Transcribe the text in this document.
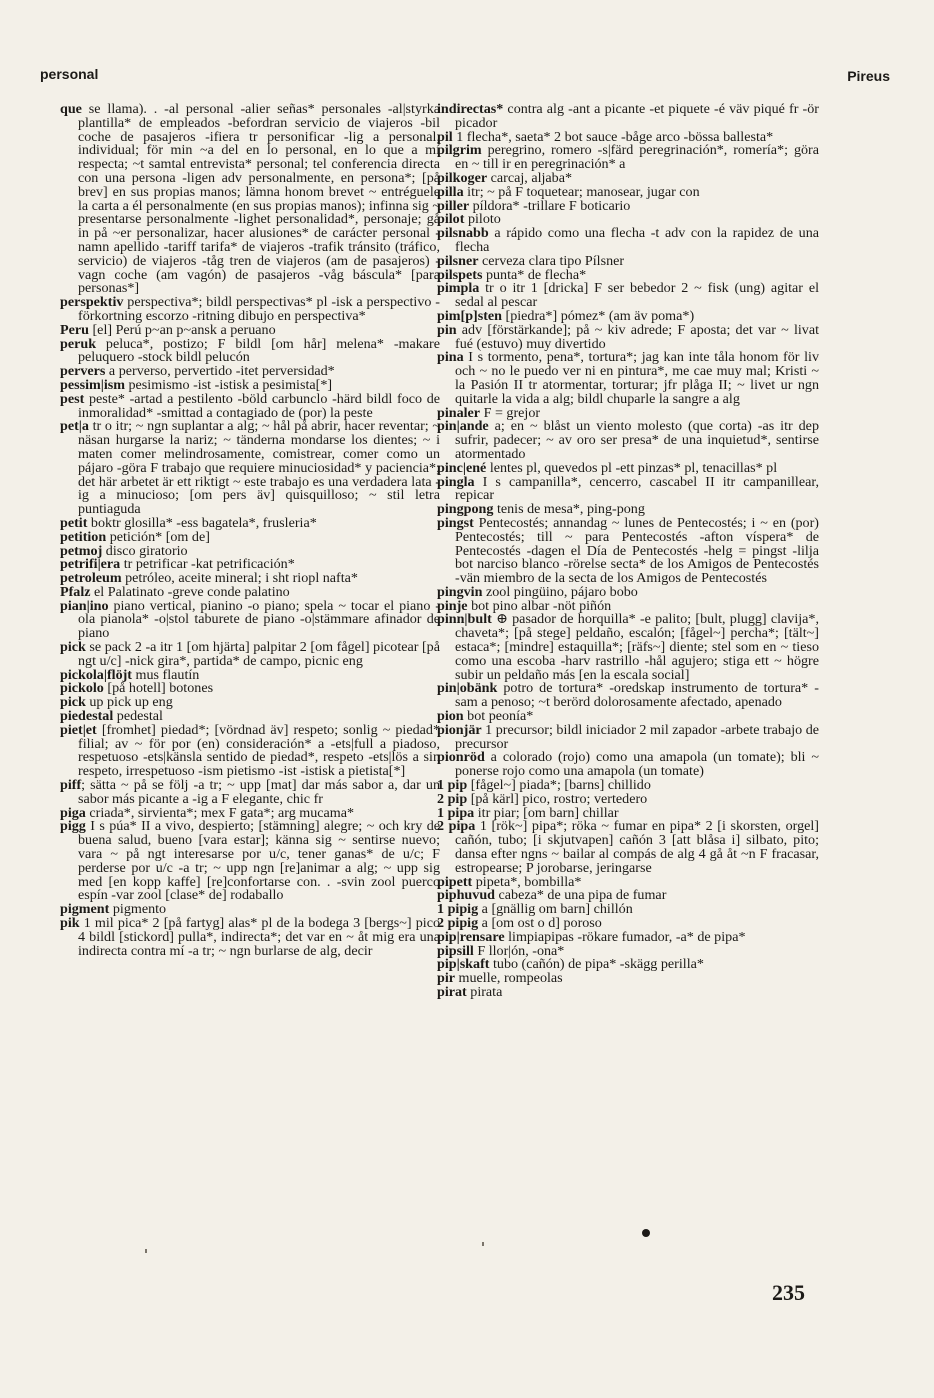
personal	Pireus

que se llama). . -al personal -alier señas* personales -al|styrka plantilla* de empleados -befordran servicio de viajeros -bil coche de pasajeros -ifiera tr personificar -lig a personal, individual; för min ~a del en lo personal, en lo que a mí respecta; ~t samtal entrevista* personal; tel conferencia directa con una persona -ligen adv personalmente, en persona*; [på brev] en sus propias manos; lämna honom brevet ~ entréguele la carta a él personalmente (en sus propias manos); infinna sig ~ presentarse personalmente -lighet personalidad*, personaje; gå in på ~er personalizar, hacer alusiones* de carácter personal -namn apellido -tariff tarifa* de viajeros -trafik tránsito (tráfico, servicio) de viajeros -tåg tren de viajeros (am de pasajeros) -vagn coche (am vagón) de pasajeros -våg báscula* [para personas*]

perspektiv perspectiva*; bildl perspectivas* pl -isk a perspectivo -förkortning escorzo -ritning dibujo en perspectiva*

Peru [el] Perú p~an p~ansk a peruano

peruk peluca*, postizo; F bildl [om hår] melena* -makare peluquero -stock bildl pelucón

pervers a perverso, pervertido -itet perversidad*

pessim|ism pesimismo -ist -istisk a pesimista[*]

pest peste* -artad a pestilento -böld carbunclo -härd bildl foco de inmoralidad* -smittad a contagiado de (por) la peste

pet|a tr o itr; ~ ngn suplantar a alg; ~ hål på abrir, hacer reventar; ~ näsan hurgarse la nariz; ~ tänderna mondarse los dientes; ~ i maten comer melindrosamente, comistrear, comer como un pájaro -göra F trabajo que requiere minuciosidad* y paciencia*; det här arbetet är ett riktigt ~ este trabajo es una verdadera lata -ig a minucioso; [om pers äv] quisquilloso; ~ stil letra puntiaguda

petit boktr glosilla* -ess bagatela*, frusleria*

petition petición* [om de]

petmoj disco giratorio

petrifi|era tr petrificar -kat petrificación*

petroleum petróleo, aceite mineral; i sht riopl nafta*

Pfalz el Palatinato -greve conde palatino

pian|ino piano vertical, pianino -o piano; spela ~ tocar el piano -ola pianola* -o|stol taburete de piano -o|stämmare afinador de piano

pick se pack 2 -a itr 1 [om hjärta] palpitar 2 [om fågel] picotear [på ngt u/c] -nick gira*, partida* de campo, picnic eng

pickola|flöjt mus flautín

pickolo [på hotell] botones

pick up pick up eng

piedestal pedestal

piet|et [fromhet] piedad*; [vördnad äv] respeto; sonlig ~ piedad* filial; av ~ för por (en) consideración* a -ets|full a piadoso, respetuoso -ets|känsla sentido de piedad*, respeto -ets|lös a sin respeto, irrespetuoso -ism pietismo -ist -istisk a pietista[*]

piff; sätta ~ på se följ -a tr; ~ upp [mat] dar más sabor a, dar un sabor más picante a -ig a F elegante, chic fr

piga criada*, sirvienta*; mex F gata*; arg mucama*

pigg I s púa* II a vivo, despierto; [stämning] alegre; ~ och kry de buena salud, bueno [vara estar]; känna sig ~ sentirse nuevo; vara ~ på ngt interesarse por u/c, tener ganas* de u/c; F perderse por u/c -a tr; ~ upp ngn [re]animar a alg; ~ upp sig med [en kopp kaffe] [re]confortarse con. . -svin zool puerco espín -var zool [clase* de] rodaballo

pigment pigmento

pik 1 mil pica* 2 [på fartyg] alas* pl de la bodega 3 [bergs~] pico 4 bildl [stickord] pulla*, indirecta*; det var en ~ åt mig era una indirecta contra mí -a tr; ~ ngn burlarse de alg, decir

indirectas* contra alg -ant a picante -et piquete -é väv piqué fr -ör picador

pil 1 flecha*, saeta* 2 bot sauce -båge arco -bössa ballesta*

pilgrim peregrino, romero -s|färd peregrinación*, romería*; göra en ~ till ir en peregrinación* a

pilkoger carcaj, aljaba*

pilla itr; ~ på F toquetear; manosear, jugar con

piller píldora* -trillare F boticario

pilot piloto

pilsnabb a rápido como una flecha -t adv con la rapidez de una flecha

pilsner cerveza clara tipo Pílsner

pilspets punta* de flecha*

pimpla tr o itr 1 [dricka] F ser bebedor 2 ~ fisk (ung) agitar el sedal al pescar

pim[p]sten [piedra*] pómez* (am äv poma*)

pin adv [förstärkande]; på ~ kiv adrede; F aposta; det var ~ livat fué (estuvo) muy divertido

pina I s tormento, pena*, tortura*; jag kan inte tåla honom för liv och ~ no le puedo ver ni en pintura*, me cae muy mal; Kristi ~ la Pasión II tr atormentar, torturar; jfr plåga II; ~ livet ur ngn quitarle la vida a alg; bildl chuparle la sangre a alg

pinaler F = grejor

pin|ande a; en ~ blåst un viento molesto (que corta) -as itr dep sufrir, padecer; ~ av oro ser presa* de una inquietud*, sentirse atormentado

pinc|ené lentes pl, quevedos pl -ett pinzas* pl, tenacillas* pl

pingla I s campanilla*, cencerro, cascabel II itr campanillear, repicar

pingpong tenis de mesa*, ping-pong

pingst Pentecostés; annandag ~ lunes de Pentecostés; i ~ en (por) Pentecostés; till ~ para Pentecostés -afton víspera* de Pentecostés -dagen el Día de Pentecostés -helg = pingst -lilja bot narciso blanco -rörelse secta* de los Amigos de Pentecostés -vän miembro de la secta de los Amigos de Pentecostés

pingvin zool pingüino, pájaro bobo

pinje bot pino albar -nöt piñón

pinn|bult ⊕ pasador de horquilla* -e palito; [bult, plugg] clavija*, chaveta*; [på stege] peldaño, escalón; [fågel~] percha*; [tält~] estaca*; [mindre] estaquilla*; [räfs~] diente; stel som en ~ tieso como una escoba -harv rastrillo -hål agujero; stiga ett ~ högre subir un peldaño más [en la escala social]

pin|obänk potro de tortura* -oredskap instrumento de tortura* -sam a penoso; ~t berörd dolorosamente afectado, apenado

pion bot peonía*

pionjär 1 precursor; bildl iniciador 2 mil zapador -arbete trabajo de precursor

pionröd a colorado (rojo) como una amapola (un tomate); bli ~ ponerse rojo como una amapola (un tomate)

1 pip [fågel~] piada*; [barns] chillido

2 pip [på kärl] pico, rostro; vertedero

1 pipa itr piar; [om barn] chillar

2 pipa 1 [rök~] pipa*; röka ~ fumar en pipa* 2 [i skorsten, orgel] cañón, tubo; [i skjutvapen] cañón 3 [att blåsa i] silbato, pito; dansa efter ngns ~ bailar al compás de alg 4 gå åt ~n F fracasar, estropearse; P jorobarse, jeringarse

pipett pipeta*, bombilla*

piphuvud cabeza* de una pipa de fumar

1 pipig a [gnällig om barn] chillón

2 pipig a [om ost o d] poroso

pip|rensare limpiapipas -rökare fumador, -a* de pipa*

pipsill F llor|ón, -ona*

pip|skaft tubo (cañón) de pipa* -skägg perilla*

pir muelle, rompeolas

pirat pirata

235
